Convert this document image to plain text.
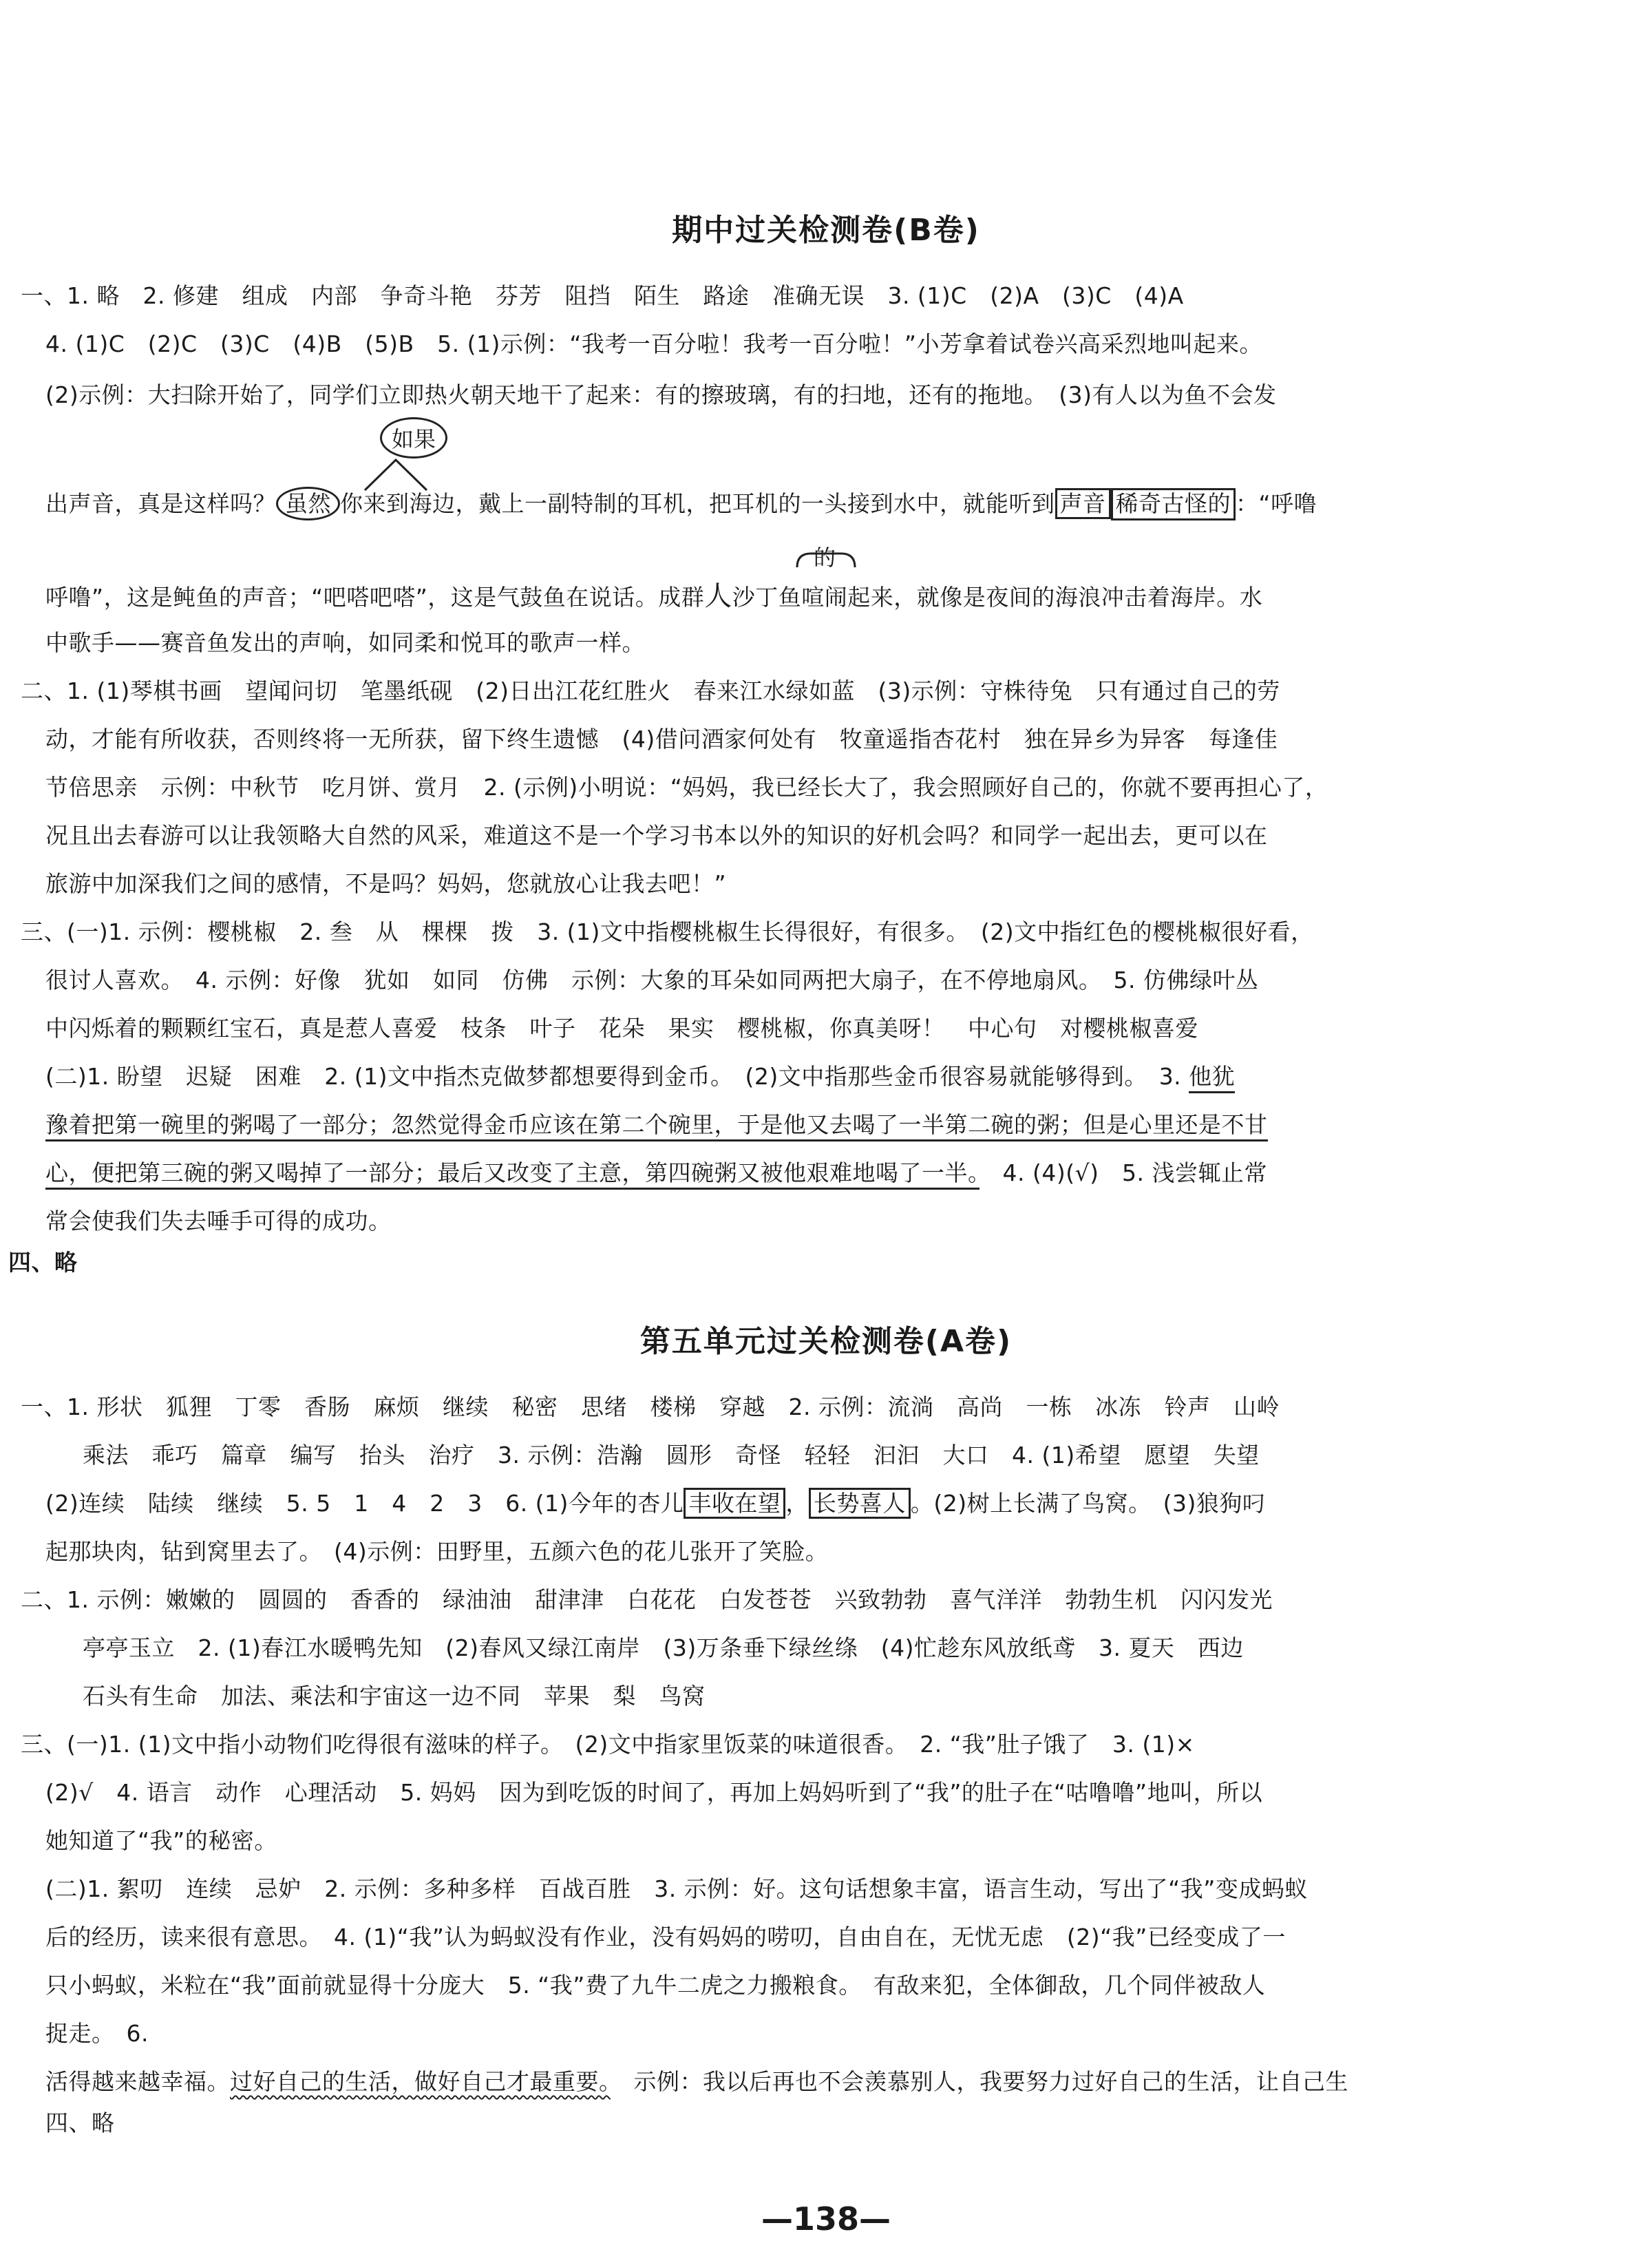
期中过关检测卷(B卷)
一、1. 略　2. 修建　组成　内部　争奇斗艳　芬芳　阻挡　陌生　路途　准确无误　3. (1)C　(2)A　(3)C　(4)A
4. (1)C　(2)C　(3)C　(4)B　(5)B　5. (1)示例：“我考一百分啦！我考一百分啦！”小芳拿着试卷兴高采烈地叫起来。
(2)示例：大扫除开始了，同学们立即热火朝天地干了起来：有的擦玻璃，有的扫地，还有的拖地。　(3)有人以为鱼不会发
如果
出声音，真是这样吗？ 虽然 你来到海边，戴上一副特制的耳机，把耳机的一头接到水中，就能听到 声音 稀奇古怪的 ：“呼噜
的
呼噜”，这是鲀鱼的声音；“吧嗒吧嗒”，这是气鼓鱼在说话。成群人沙丁鱼喧闹起来，就像是夜间的海浪冲击着海岸。水
中歌手——赛音鱼发出的声响，如同柔和悦耳的歌声一样。
二、1. (1)琴棋书画　望闻问切　笔墨纸砚　(2)日出江花红胜火　春来江水绿如蓝　(3)示例：守株待兔　只有通过自己的劳
动，才能有所收获，否则终将一无所获，留下终生遗憾　(4)借问酒家何处有　牧童遥指杏花村　独在异乡为异客　每逢佳
节倍思亲　示例：中秋节　吃月饼、赏月　2. (示例)小明说：“妈妈，我已经长大了，我会照顾好自己的，你就不要再担心了，
况且出去春游可以让我领略大自然的风采，难道这不是一个学习书本以外的知识的好机会吗？和同学一起出去，更可以在
旅游中加深我们之间的感情，不是吗？妈妈，您就放心让我去吧！”
三、(一)1. 示例：樱桃椒　2. 叁　从　棵棵　拨　3. (1)文中指樱桃椒生长得很好，有很多。　(2)文中指红色的樱桃椒很好看，
很讨人喜欢。　4. 示例：好像　犹如　如同　仿佛　示例：大象的耳朵如同两把大扇子，在不停地扇风。　5. 仿佛绿叶丛
中闪烁着的颗颗红宝石，真是惹人喜爱　枝条　叶子　花朵　果实　樱桃椒，你真美呀！　中心句　对樱桃椒喜爱
(二)1. 盼望　迟疑　困难　2. (1)文中指杰克做梦都想要得到金币。　(2)文中指那些金币很容易就能够得到。　3. 他犹
豫着把第一碗里的粥喝了一部分；忽然觉得金币应该在第二个碗里，于是他又去喝了一半第二碗的粥；但是心里还是不甘
心，便把第三碗的粥又喝掉了一部分；最后又改变了主意，第四碗粥又被他艰难地喝了一半。　4. (4)(√)　5. 浅尝辄止常
常会使我们失去唾手可得的成功。
四、略
第五单元过关检测卷(A卷)
一、1. 形状　狐狸　丁零　香肠　麻烦　继续　秘密　思绪　楼梯　穿越　2. 示例：流淌　高尚　一栋　冰冻　铃声　山岭
乘法　乖巧　篇章　编写　抬头　治疗　3. 示例：浩瀚　圆形　奇怪　轻轻　汩汩　大口　4. (1)希望　愿望　失望
(2)连续　陆续　继续　5. 5　1　4　2　3　6. (1)今年的杏儿 丰收在望 ， 长势喜人 。(2)树上长满了鸟窝。　(3)狼狗叼
起那块肉，钻到窝里去了。　(4)示例：田野里，五颜六色的花儿张开了笑脸。
二、1. 示例：嫩嫩的　圆圆的　香香的　绿油油　甜津津　白花花　白发苍苍　兴致勃勃　喜气洋洋　勃勃生机　闪闪发光
亭亭玉立　2. (1)春江水暖鸭先知　(2)春风又绿江南岸　(3)万条垂下绿丝绦　(4)忙趁东风放纸鸢　3. 夏天　西边
石头有生命　加法、乘法和宇宙这一边不同　苹果　梨　鸟窝
三、(一)1. (1)文中指小动物们吃得很有滋味的样子。　(2)文中指家里饭菜的味道很香。　2. “我”肚子饿了　3. (1)×
(2)√　4. 语言　动作　心理活动　5. 妈妈　因为到吃饭的时间了，再加上妈妈听到了“我”的肚子在“咕噜噜”地叫，所以
她知道了“我”的秘密。
(二)1. 絮叨　连续　忌妒　2. 示例：多种多样　百战百胜　3. 示例：好。这句话想象丰富，语言生动，写出了“我”变成蚂蚁
后的经历，读来很有意思。　4. (1)“我”认为蚂蚁没有作业，没有妈妈的唠叨，自由自在，无忧无虑　(2)“我”已经变成了一
只小蚂蚁，米粒在“我”面前就显得十分庞大　5. “我”费了九牛二虎之力搬粮食。　有敌来犯，全体御敌，几个同伴被敌人
捉走。　6.
活得越来越幸福。过好自己的生活，做好自己才最重要。　示例：我以后再也不会羡慕别人，我要努力过好自己的生活，让自己生
四、略
—138—
